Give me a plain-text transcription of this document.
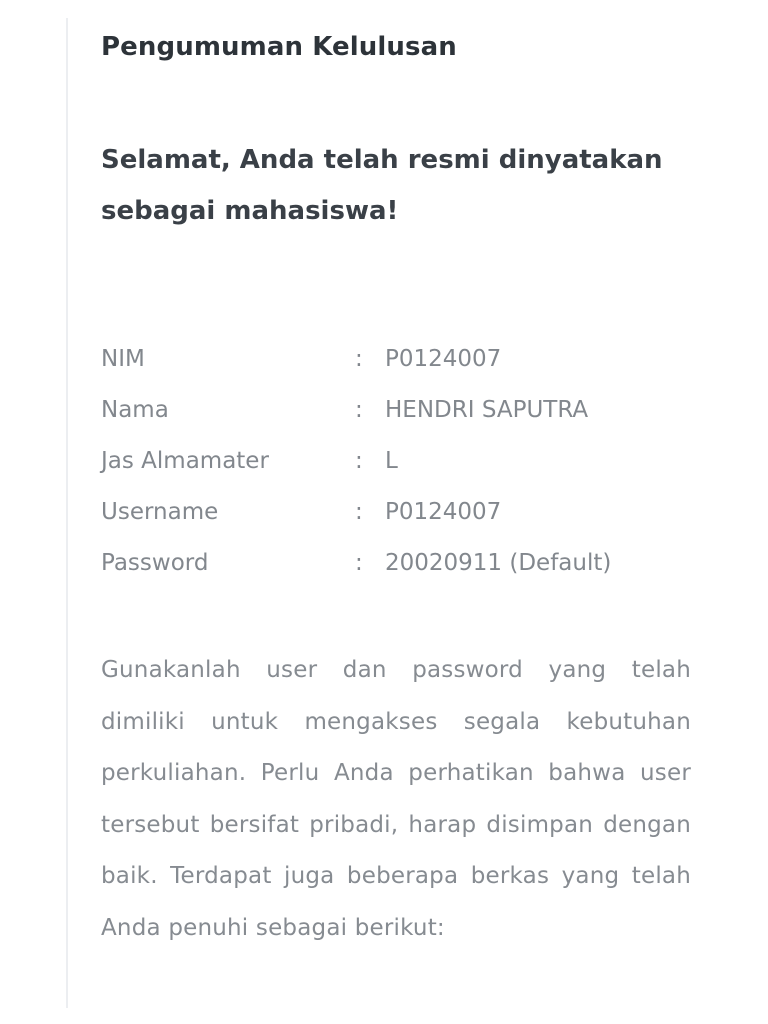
Pengumuman Kelulusan

Selamat, Anda telah resmi dinyatakan sebagai mahasiswa!

NIM	: P0124007
Nama	: HENDRI SAPUTRA
Jas Almamater	: L
Username	: P0124007
Password	: 20020911 (Default)

Gunakanlah user dan password yang telah dimiliki untuk mengakses segala kebutuhan perkuliahan. Perlu Anda perhatikan bahwa user tersebut bersifat pribadi, harap disimpan dengan baik. Terdapat juga beberapa berkas yang telah Anda penuhi sebagai berikut:
